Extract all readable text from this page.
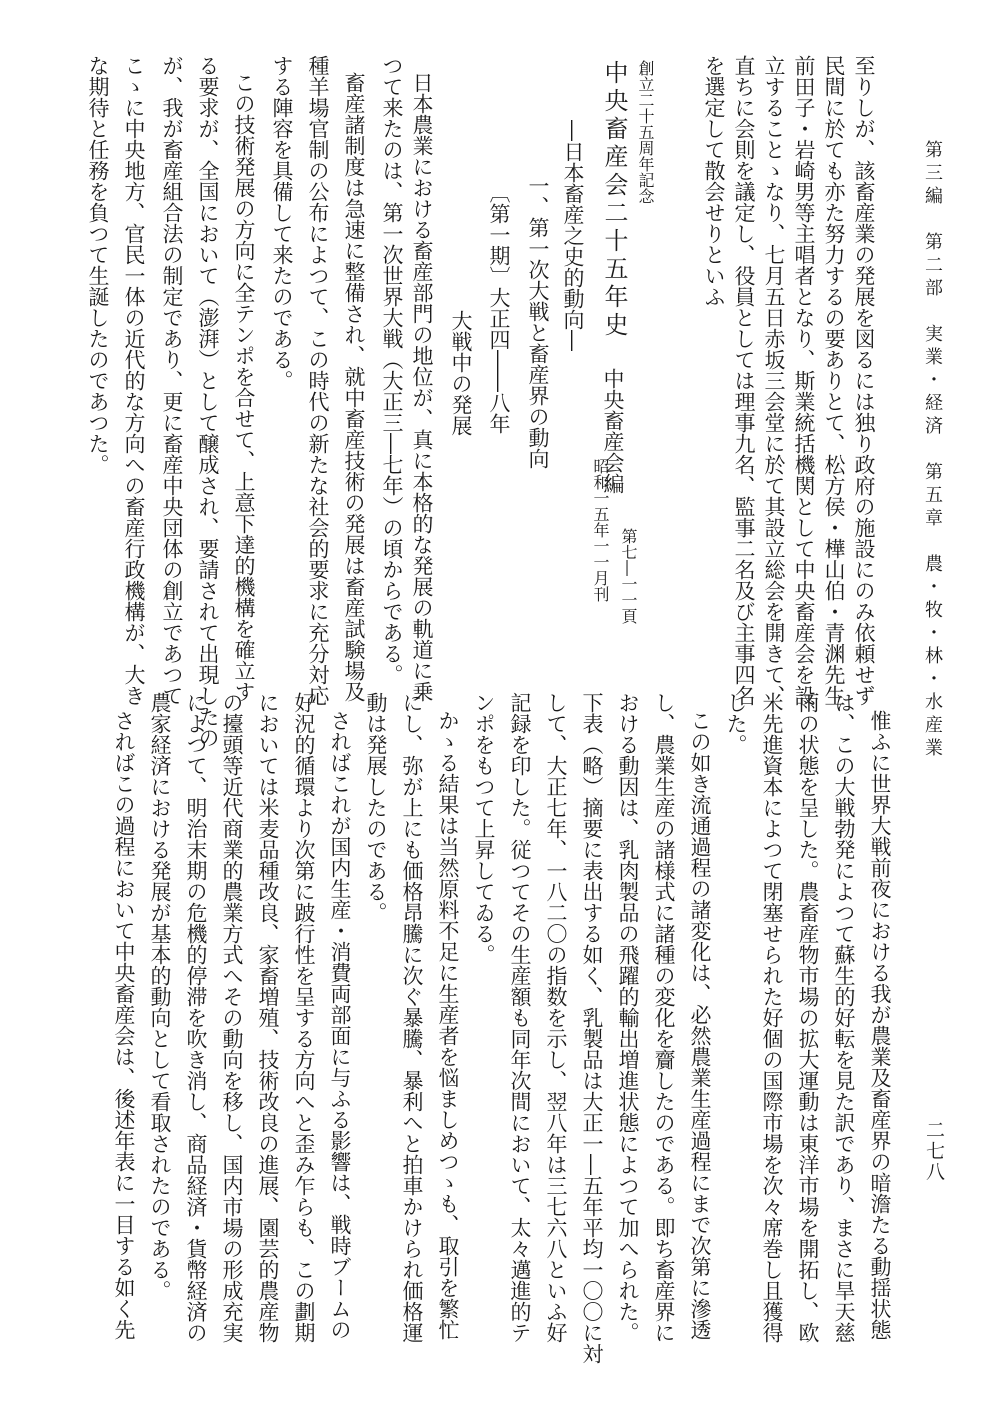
第三編　第二部　実業・経済　第五章　農・牧・林・水産業
二七八
至りしが、該畜産業の発展を図るには独り政府の施設にのみ依頼せず
民間に於ても亦た努力するの要ありとて、松方侯・樺山伯・青渊先生
前田子・岩崎男等主唱者となり、斯業統括機関として中央畜産会を設
立することゝなり、七月五日赤坂三会堂に於て其設立総会を開きて、
直ちに会則を議定し、役員としては理事九名、監事二名及び主事四名
を選定して散会せりといふ
創立二十五周年記念
中央畜産会二十五年史
中央畜産会編
第七―一一頁
昭和一五年一一月刊
―日本畜産之史的動向―
一、第一次大戦と畜産界の動向
〔第一期〕大正四――八年
大戦中の発展
日本農業における畜産部門の地位が、真に本格的な発展の軌道に乗
つて来たのは、第一次世界大戦（大正三―七年）の頃からである。
畜産諸制度は急速に整備され、就中畜産技術の発展は畜産試験場及
種羊場官制の公布によつて、この時代の新たな社会的要求に充分対応
する陣容を具備して来たのである。
この技術発展の方向に全テンポを合せて、上意下達的機構を確立す
る要求が、全国において（澎湃）として醸成され、要請されて出現したの
が、我が畜産組合法の制定であり、更に畜産中央団体の創立であつて
こゝに中央地方、官民一体の近代的な方向への畜産行政機構が、大き
な期待と任務を負つて生誕したのであつた。
惟ふに世界大戦前夜における我が農業及畜産界の暗澹たる動揺状態
は、この大戦勃発によつて蘇生的好転を見た訳であり、まさに旱天慈
雨の状態を呈した。農畜産物市場の拡大運動は東洋市場を開拓し、欧
米先進資本によつて閉塞せられた好個の国際市場を次々席巻し且獲得
した。
この如き流通過程の諸変化は、必然農業生産過程にまで次第に滲透
し、農業生産の諸様式に諸種の変化を齎したのである。即ち畜産界に
おける動因は、乳肉製品の飛躍的輸出増進状態によつて加へられた。
下表（略）摘要に表出する如く、乳製品は大正一―五年平均一〇〇に対
して、大正七年、一八二〇の指数を示し、翌八年は三七六八といふ好
記録を印した。従つてその生産額も同年次間において、太々邁進的テ
ンポをもつて上昇してゐる。
かゝる結果は当然原料不足に生産者を悩ましめつゝも、取引を繁忙
にし、弥が上にも価格昂騰に次ぐ暴騰、暴利へと拍車かけられ価格運
動は発展したのである。
さればこれが国内生産・消費両部面に与ふる影響は、戦時ブームの
好況的循環より次第に跛行性を呈する方向へと歪み乍らも、この劃期
においては米麦品種改良、家畜増殖、技術改良の進展、園芸的農産物
の擡頭等近代商業的農業方式へその動向を移し、国内市場の形成充実
によつて、明治末期の危機的停滞を吹き消し、商品経済・貨幣経済の
農家経済における発展が基本的動向として看取されたのである。
さればこの過程において中央畜産会は、後述年表に一目する如く先
